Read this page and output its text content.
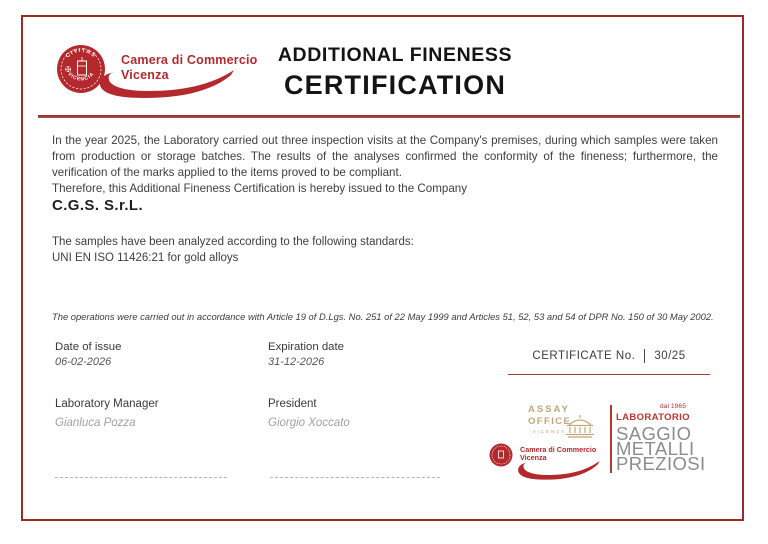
CIVITAS
VICENCIA
✠
Camera di Commercio
Vicenza
ADDITIONAL FINENESS
CERTIFICATION

In the year 2025, the Laboratory carried out three inspection visits at the Company's premises, during which samples were taken from production or storage batches. The results of the analyses confirmed the conformity of the fineness; furthermore, the verification of the marks applied to the items proved to be compliant.

Therefore, this Additional Fineness Certification is hereby issued to the Company

C.G.S. S.r.L.
The samples have been analyzed according to the following standards:
UNI EN ISO 11426:21 for gold alloys
The operations were carried out in accordance with Article 19 of D.Lgs. No. 251 of 22 May 1999 and Articles 51, 52, 53 and 54 of DPR No. 150 of 30 May 2002.
Date of issue
06-02-2026
Expiration date
31-12-2026	CERTIFICATE No. 30/25
Laboratory Manager
Gianluca Pozza
President
Giorgio Xoccato
ASSAY
OFFICE
VICENZA
Camera di Commercio
Vicenza
dal 1965
LABORATORIO
SAGGIO
METALLI
PREZIOSI
